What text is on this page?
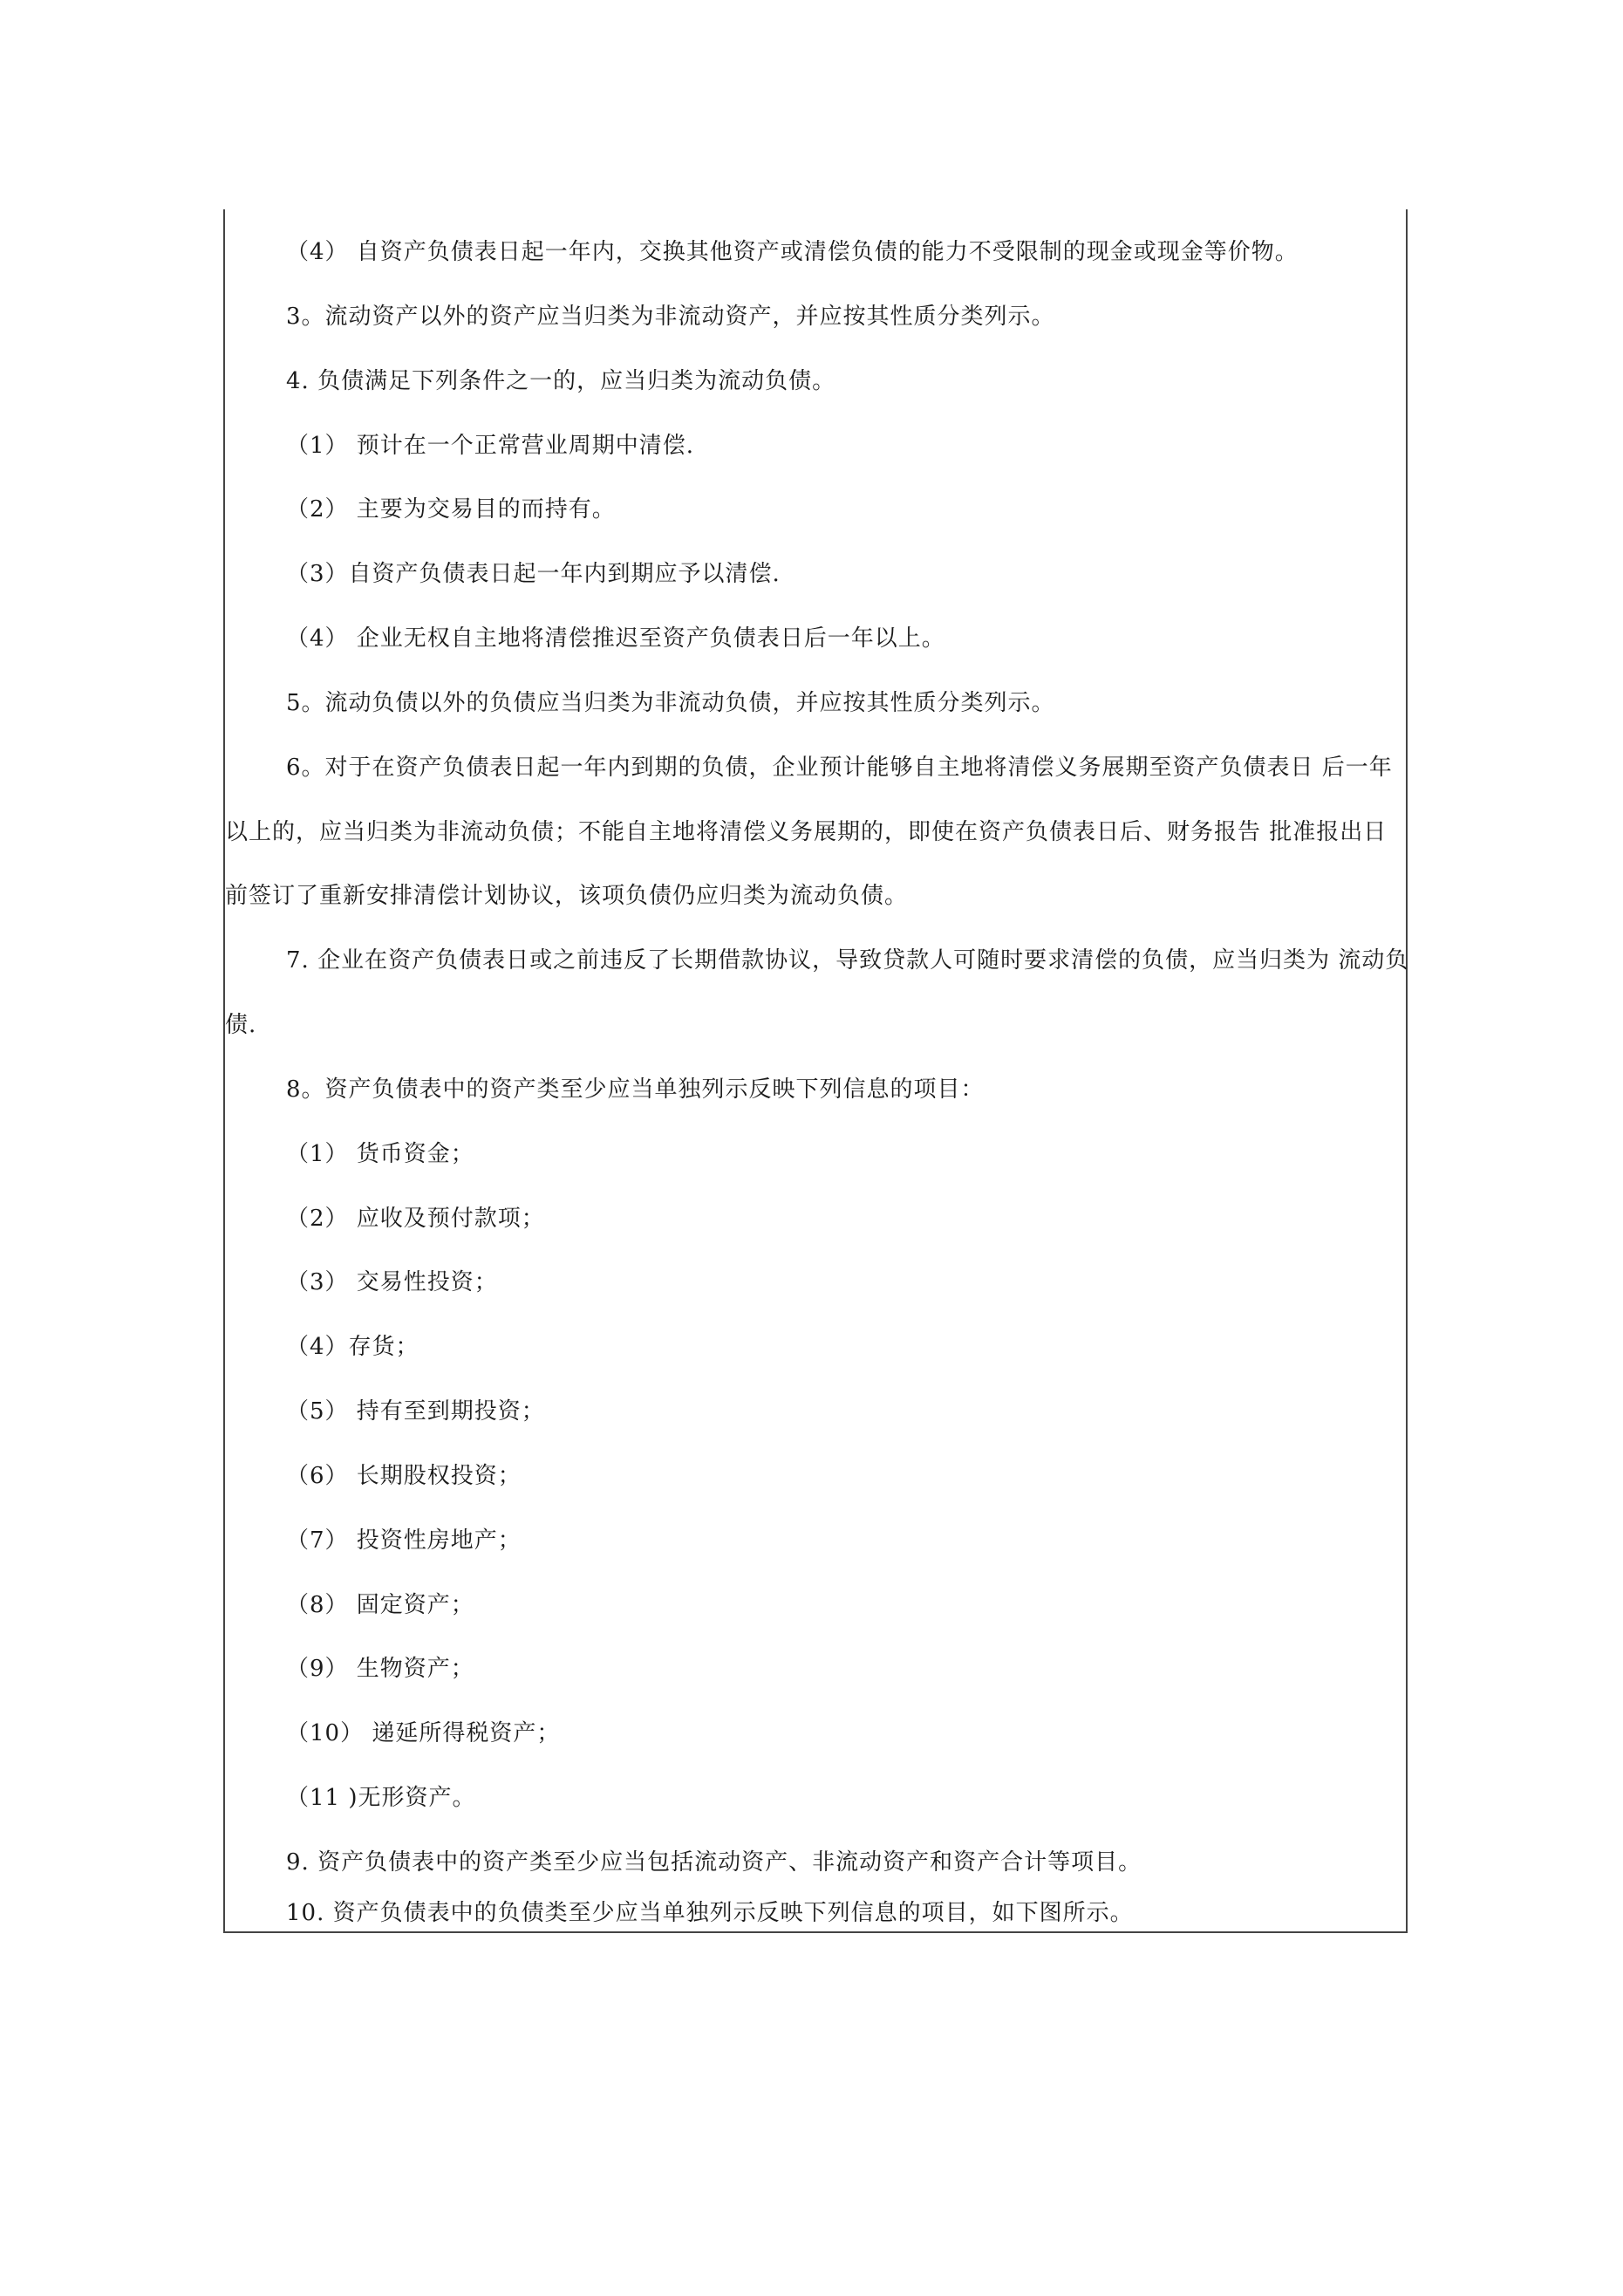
（4） 自资产负债表日起一年内，交换其他资产或清偿负债的能力不受限制的现金或现金等价物。
3。流动资产以外的资产应当归类为非流动资产，并应按其性质分类列示。
4. 负债满足下列条件之一的，应当归类为流动负债。
（1） 预计在一个正常营业周期中清偿.
（2） 主要为交易目的而持有。
（3）自资产负债表日起一年内到期应予以清偿.
（4） 企业无权自主地将清偿推迟至资产负债表日后一年以上。
5。流动负债以外的负债应当归类为非流动负债，并应按其性质分类列示。
6。对于在资产负债表日起一年内到期的负债，企业预计能够自主地将清偿义务展期至资产负债表日 后一年
以上的，应当归类为非流动负债；不能自主地将清偿义务展期的，即使在资产负债表日后、财务报告 批准报出日
前签订了重新安排清偿计划协议，该项负债仍应归类为流动负债。
7. 企业在资产负债表日或之前违反了长期借款协议，导致贷款人可随时要求清偿的负债，应当归类为 流动负
债.
8。资产负债表中的资产类至少应当单独列示反映下列信息的项目：
（1） 货币资金；
（2） 应收及预付款项；
（3） 交易性投资；
（4）存货；
（5） 持有至到期投资；
（6） 长期股权投资；
（7） 投资性房地产；
（8） 固定资产；
（9） 生物资产；
（10） 递延所得税资产；
（11 )无形资产。
9. 资产负债表中的资产类至少应当包括流动资产、非流动资产和资产合计等项目。
10. 资产负债表中的负债类至少应当单独列示反映下列信息的项目，如下图所示。
